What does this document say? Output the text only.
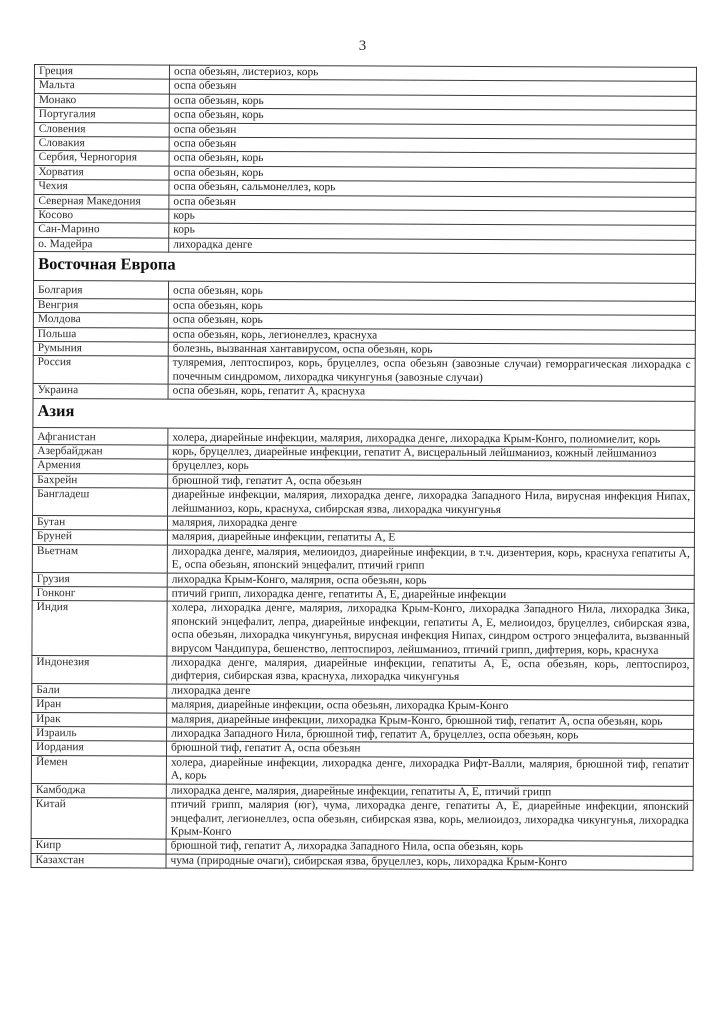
3
Греция	оспа обезьян, листериоз, корь
Мальта	оспа обезьян
Монако	оспа обезьян, корь
Португалия	оспа обезьян, корь
Словения	оспа обезьян
Словакия	оспа обезьян
Сербия, Черногория	оспа обезьян, корь
Хорватия	оспа обезьян, корь
Чехия	оспа обезьян, сальмонеллез, корь
Северная Македония	оспа обезьян
Косово	корь
Сан-Марино	корь
о. Мадейра	лихорадка денге
Восточная Европа	
Болгария	оспа обезьян, корь
Венгрия	оспа обезьян, корь
Молдова	оспа обезьян, корь
Польша	оспа обезьян, корь, легионеллез, краснуха
Румыния	болезнь, вызванная хантавирусом, оспа обезьян, корь
Россия	туляремия, лептоспироз, корь, бруцеллез, оспа обезьян (завозные случаи) геморрагическая лихорадка с почечным синдромом, лихорадка чикунгунья (завозные случаи)
Украина	оспа обезьян, корь, гепатит А, краснуха
Азия	
Афганистан	холера, диарейные инфекции, малярия, лихорадка денге, лихорадка Крым-Конго, полиомиелит, корь
Азербайджан	корь, бруцеллез, диарейные инфекции, гепатит А, висцеральный лейшманиоз, кожный лейшманиоз
Армения	бруцеллез, корь
Бахрейн	брюшной тиф, гепатит А, оспа обезьян
Бангладеш	диарейные инфекции, малярия, лихорадка денге, лихорадка Западного Нила, вирусная инфекция Нипах, лейшманиоз, корь, краснуха, сибирская язва, лихорадка чикунгунья
Бутан	малярия, лихорадка денге
Бруней	малярия, диарейные инфекции, гепатиты А, Е
Вьетнам	лихорадка денге, малярия, мелиоидоз, диарейные инфекции, в т.ч. дизентерия, корь, краснуха гепатиты А, Е, оспа обезьян, японский энцефалит, птичий грипп
Грузия	лихорадка Крым-Конго, малярия, оспа обезьян, корь
Гонконг	птичий грипп, лихорадка денге, гепатиты А, Е, диарейные инфекции
Индия	холера, лихорадка денге, малярия, лихорадка Крым-Конго, лихорадка Западного Нила, лихорадка Зика, японский энцефалит, лепра, диарейные инфекции, гепатиты А, Е, мелиоидоз, бруцеллез, сибирская язва, оспа обезьян, лихорадка чикунгунья, вирусная инфекция Нипах, синдром острого энцефалита, вызванный вирусом Чандипура, бешенство, лептоспироз, лейшманиоз, птичий грипп, дифтерия, корь, краснуха
Индонезия	лихорадка денге, малярия, диарейные инфекции, гепатиты А, Е, оспа обезьян, корь, лептоспироз, дифтерия, сибирская язва, краснуха, лихорадка чикунгунья
Бали	лихорадка денге
Иран	малярия, диарейные инфекции, оспа обезьян, лихорадка Крым-Конго
Ирак	малярия, диарейные инфекции, лихорадка Крым-Конго, брюшной тиф, гепатит А, оспа обезьян, корь
Израиль	лихорадка Западного Нила, брюшной тиф, гепатит А, бруцеллез, оспа обезьян, корь
Иордания	брюшной тиф, гепатит А, оспа обезьян
Йемен	холера, диарейные инфекции, лихорадка денге, лихорадка Рифт-Валли, малярия, брюшной тиф, гепатит А, корь
Камбоджа	лихорадка денге, малярия, диарейные инфекции, гепатиты А, Е, птичий грипп
Китай	птичий грипп, малярия (юг), чума, лихорадка денге, гепатиты А, Е, диарейные инфекции, японский энцефалит, легионеллез, оспа обезьян, сибирская язва, корь, мелиоидоз, лихорадка чикунгунья, лихорадка Крым-Конго
Кипр	брюшной тиф, гепатит А, лихорадка Западного Нила, оспа обезьян, корь
Казахстан	чума (природные очаги), сибирская язва, бруцеллез, корь, лихорадка Крым-Конго
